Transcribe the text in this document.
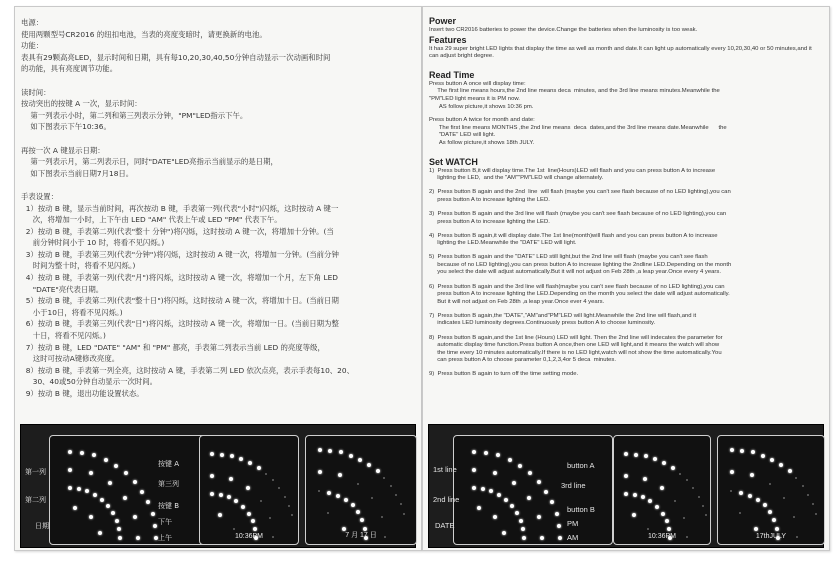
电源：

使用两颗型号CR2016 的纽扣电池，当表的亮度变暗时，请更换新的电池。

功能：

表具有29颗高亮LED，显示时间和日期，具有每10,20,30,40,50分钟自动显示一次动画和时间

的功能，具有亮度调节功能。

读时间：

按动突出的按键 A 一次，显示时间：

第一列表示小时，第二列和第三列表示分钟，"PM"LED指示下午。

如下图表示下午10:36。

再按一次 A 键显示日期：

第一列表示月，第二列表示日，同时"DATE"LED亮指示当前显示的是日期，

如下图表示当前日期7月18日。

手表设置：

1）按动 B 键，显示当前时间，再次按动 B 键，手表第一列(代表"小时")闪烁，这时按动 A 键一

次，将增加一小时，上下午由 LED "AM" 代表上午或 LED "PM" 代表下午。

2）按动 B 键，手表第二列(代表"整十 分钟")将闪烁，这时按动 A 键一次，将增加十分钟。(当

前分钟时间小于 10 时，将看不见闪烁。)

3）按动 B 键，手表第三列(代表"分钟")将闪烁，这时按动 A 键一次，将增加一分钟。(当前分钟

时间为整十时，将看不见闪烁。)

4）按动 B 键，手表第一列(代表"月")将闪烁，这时按动 A 键一次，将增加一个月，左下角 LED

"DATE"亮代表日期。

5）按动 B 键，手表第二列(代表"整十日")将闪烁，这时按动 A 键一次，将增加十日。(当前日期

小于10日，将看不见闪烁。)

6）按动 B 键，手表第三列(代表"日")将闪烁，这时按动 A 键一次，将增加一日。(当前日期为整

十日，将看不见闪烁。)

7）按动 B 键，LED "DATE" "AM" 和 "PM" 都亮，手表第二列表示当前 LED 的亮度等级，

这时可按动A键修改亮度。

8）按动 B 键，手表第一列全亮，这时按动 A 键，手表第二列 LED 依次点亮，表示手表每10、20、

30、40或50分钟自动显示一次时间。

9）按动 B 键，退出功能设置状态。

第一列
第二列
日期
按键 A
第三列
按键 B
下午
上午	10:36PM	7 月 17 日
Power

Insert two CR2016 batteries to power the device.Change the batteries when the luminosity is too weak.

Features

It has 29 super bright LED lights that display the time as well as month and date.It can light up automatically every 10,20,30,40 or 50 minutes,and it can adjust bright degree.

Read Time

Press button A once will display time:

The first line means hours,the 2nd line means deca  minutes, and the 3rd line means minutes.Meanwhile the

"PM"LED light means it is PM now.

AS follow picture,it shows 10:36 pm.

Press button A twice for month and date:

The first line means MONTHS ,the 2nd line means  deca  dates,and the 3rd line means date.Meanwhile      the

"DATE" LED will light.

As follow picture,it shows 18th JULY.

Set WATCH

1)  Press button B,it will display time.The 1st  line(Hours)LED will flash and you can press button A to increase
lighting the LED,  and the "AM""PM"LED will change alternately.

2)  Press button B again and the 2nd  line  will flash (maybe you can't see flash because of no LED lighting),you can
press button A to increase lighting the LED.

3)  Press button B again and the 3rd line will flash (maybe you can't see flash because of no LED lighting),you can
press button A to increase lighting the LED.

4)  Press button B again,it will display date.The 1st line(month)will flash and you can press button A to increase
lighting the LED.Meanwhile the "DATE" LED will light.

5)  Press button B again and the "DATE" LED still light,but the 2nd line will flash (maybe you can't see flash
because of no LED lighting),you can press button A to increase lighting the 2ndline LED.Depending on the month
you select the date will adjust automatically.But it will not adjust on Feb 28th ,a leap year.Once every 4 years.

6)  Press button B again and the 3rd line will flash(maybe you can't see flash because of no LED lighting),you can
press button A to increase lighting the LED.Depending on the month you select the date will adjust automatically.
But it will not adjust on Feb 28th ,a leap year.Once ever 4 years.

7)  Press button B again,the "DATE","AM"and"PM"LED will light.Meanwhile the 2nd line will flash,and it
indicates LED luminosity degrees.Continuously press button A to choose luminosity.

8)  Press button B again,and the 1st line (Hours) LED will light. Then the 2nd line will indecates the parameter for
automatic display time function.Press button A once,then one LED will light,and it means the watch will show
the time every 10 minutes automatically.If there is no LED light,watch will not show the time automatically.You
can press button A to choose parameter 0,1,2,3,4or 5 deca  minutes.

9)  Press button B again to turn off the time setting mode.

1st line
2nd line
DATE
button A
3rd line
button B
PM
AM	10:36PM	17thJULY
